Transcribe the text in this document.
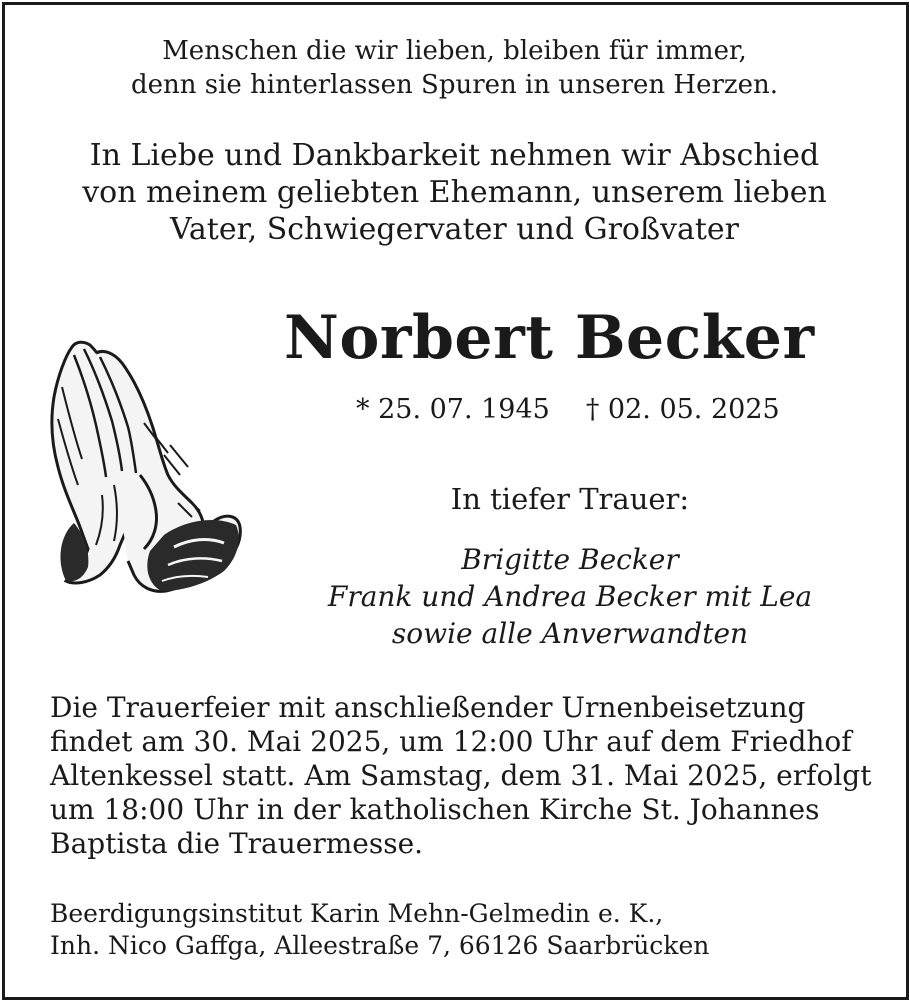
Menschen die wir lieben, bleiben für immer,
denn sie hinterlassen Spuren in unseren Herzen.

In Liebe und Dankbarkeit nehmen wir Abschied
von meinem geliebten Ehemann, unserem lieben
Vater, Schwiegervater und Großvater

Norbert Becker
* 25. 07. 1945 † 02. 05. 2025
In tiefer Trauer:

Brigitte Becker
Frank und Andrea Becker mit Lea
sowie alle Anverwandten

Die Trauerfeier mit anschließender Urnenbeisetzung
findet am 30. Mai 2025, um 12:00 Uhr auf dem Friedhof
Altenkessel statt. Am Samstag, dem 31. Mai 2025, erfolgt
um 18:00 Uhr in der katholischen Kirche St. Johannes
Baptista die Trauermesse.

Beerdigungsinstitut Karin Mehn-Gelmedin e. K.,
Inh. Nico Gaffga, Alleestraße 7, 66126 Saarbrücken
